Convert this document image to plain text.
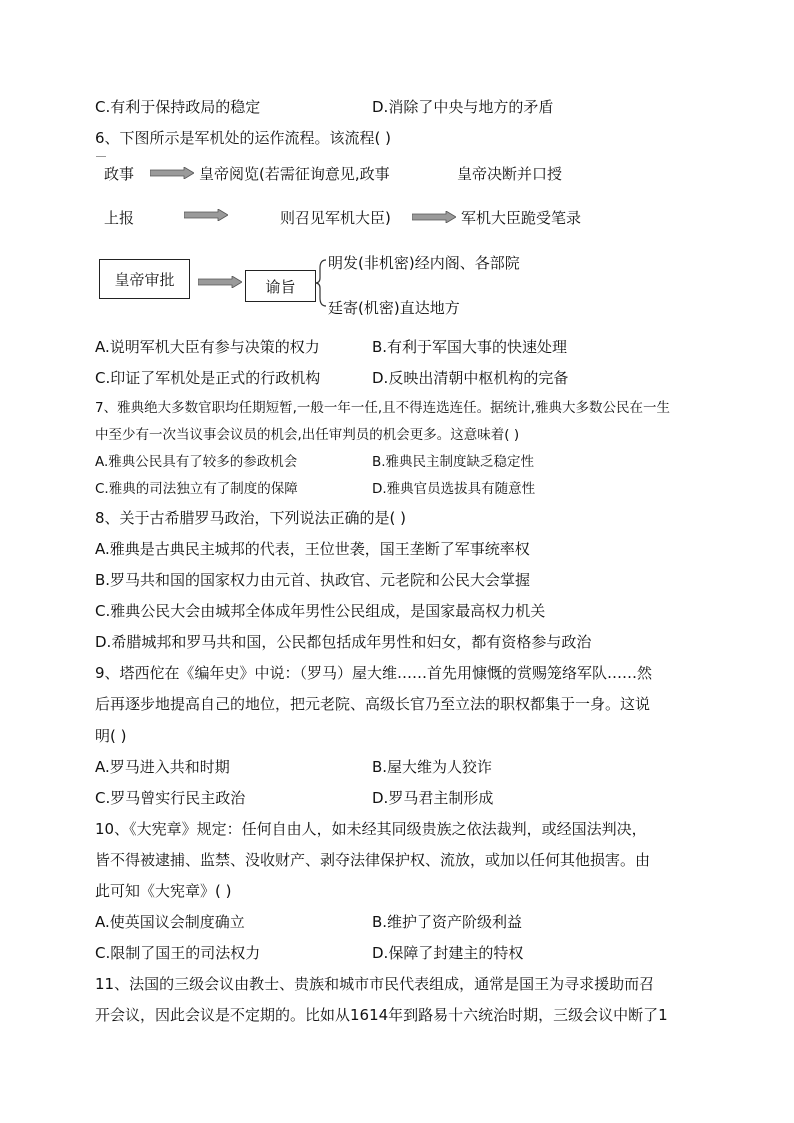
C.有利于保持政局的稳定	D.消除了中央与地方的矛盾
6、下图所示是军机处的运作流程。该流程( )
政事	皇帝阅览(若需征询意见,政事	皇帝决断并口授
上报	则召见军机大臣)	军机大臣跪受笔录
皇帝审批	谕旨
明发(非机密)经内阁、各部院
廷寄(机密)直达地方
A.说明军机大臣有参与决策的权力	B.有利于军国大事的快速处理
C.印证了军机处是正式的行政机构	D.反映出清朝中枢机构的完备
7、雅典绝大多数官职均任期短暂,一般一年一任,且不得连选连任。据统计,雅典大多数公民在一生
中至少有一次当议事会议员的机会,出任审判员的机会更多。这意味着( )
A.雅典公民具有了较多的参政机会	B.雅典民主制度缺乏稳定性
C.雅典的司法独立有了制度的保障	D.雅典官员选拔具有随意性
8、关于古希腊罗马政治，下列说法正确的是( )
A.雅典是古典民主城邦的代表，王位世袭，国王垄断了军事统率权
B.罗马共和国的国家权力由元首、执政官、元老院和公民大会掌握
C.雅典公民大会由城邦全体成年男性公民组成，是国家最高权力机关
D.希腊城邦和罗马共和国，公民都包括成年男性和妇女，都有资格参与政治
9、塔西佗在《编年史》中说：（罗马）屋大维……首先用慷慨的赏赐笼络军队……然
后再逐步地提高自己的地位，把元老院、高级长官乃至立法的职权都集于一身。这说
明( )
A.罗马进入共和时期	B.屋大维为人狡诈
C.罗马曾实行民主政治	D.罗马君主制形成
10、《大宪章》规定：任何自由人，如未经其同级贵族之依法裁判，或经国法判决，
皆不得被逮捕、监禁、没收财产、剥夺法律保护权、流放，或加以任何其他损害。由
此可知《大宪章》( )
A.使英国议会制度确立	B.维护了资产阶级利益
C.限制了国王的司法权力	D.保障了封建主的特权
11、法国的三级会议由教士、贵族和城市市民代表组成，通常是国王为寻求援助而召
开会议，因此会议是不定期的。比如从1614年到路易十六统治时期，三级会议中断了1
